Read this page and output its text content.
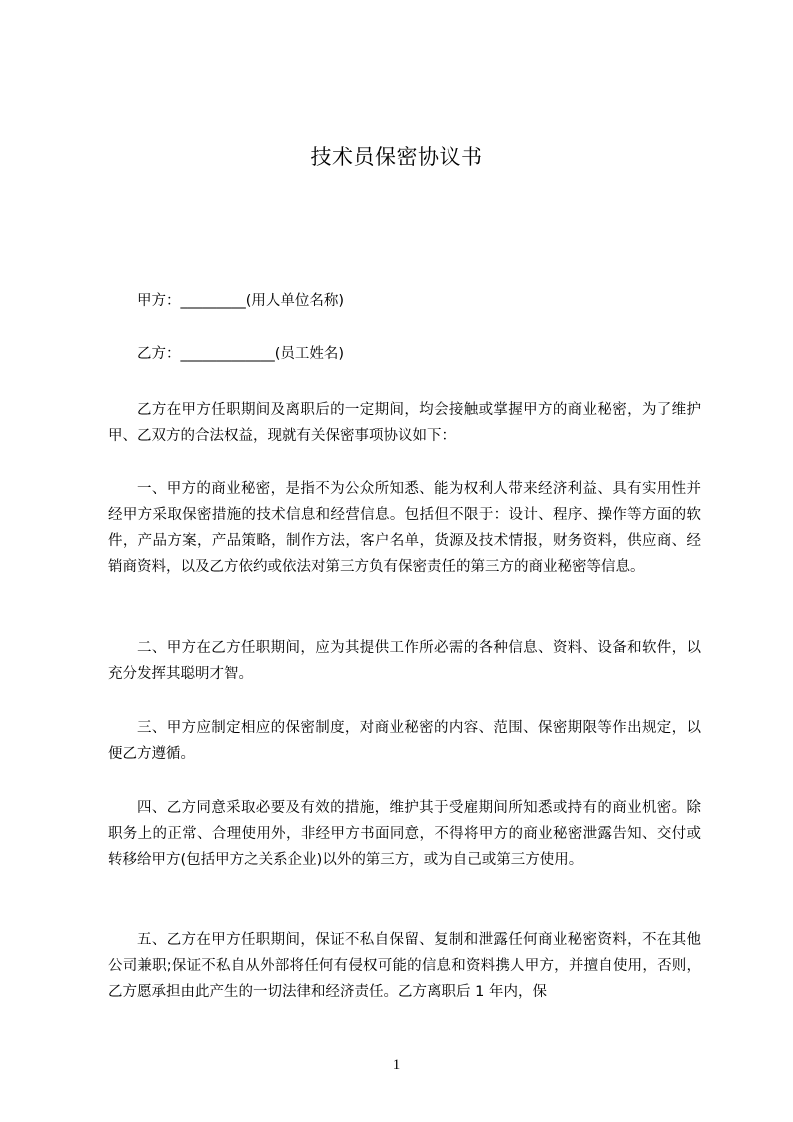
技术员保密协议书
甲方：_________(用人单位名称)
乙方：_____________(员工姓名)

乙方在甲方任职期间及离职后的一定期间，均会接触或掌握甲方的商业秘密，为了维护甲、乙双方的合法权益，现就有关保密事项协议如下：

一、甲方的商业秘密，是指不为公众所知悉、能为权利人带来经济利益、具有实用性并经甲方采取保密措施的技术信息和经营信息。包括但不限于：设计、程序、操作等方面的软件，产品方案，产品策略，制作方法，客户名单，货源及技术情报，财务资料，供应商、经销商资料，以及乙方依约或依法对第三方负有保密责任的第三方的商业秘密等信息。

二、甲方在乙方任职期间，应为其提供工作所必需的各种信息、资料、设备和软件，以充分发挥其聪明才智。

三、甲方应制定相应的保密制度，对商业秘密的内容、范围、保密期限等作出规定，以便乙方遵循。

四、乙方同意采取必要及有效的措施，维护其于受雇期间所知悉或持有的商业机密。除职务上的正常、合理使用外，非经甲方书面同意，不得将甲方的商业秘密泄露告知、交付或转移给甲方(包括甲方之关系企业)以外的第三方，或为自己或第三方使用。

五、乙方在甲方任职期间，保证不私自保留、复制和泄露任何商业秘密资料，不在其他公司兼职;保证不私自从外部将任何有侵权可能的信息和资料携人甲方，并擅自使用，否则，乙方愿承担由此产生的一切法律和经济责任。乙方离职后 1 年内，保

1
